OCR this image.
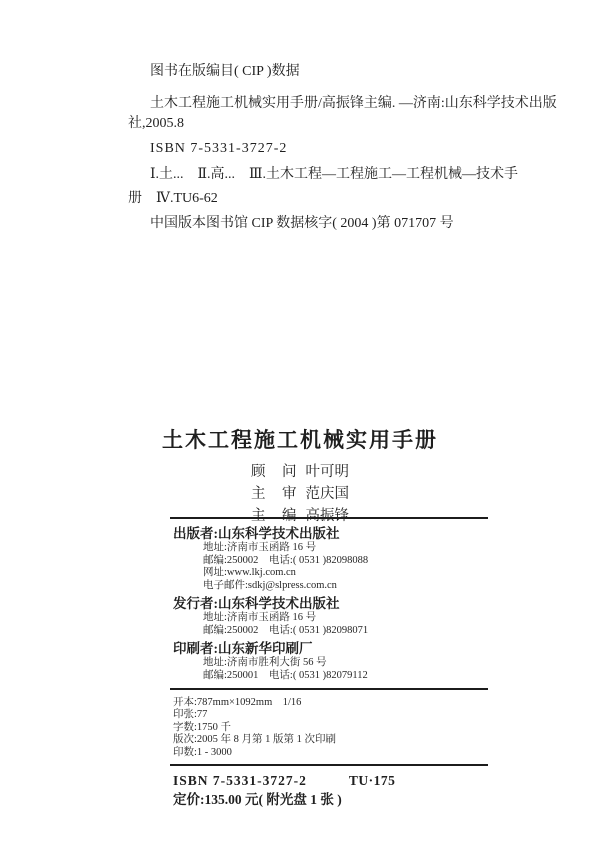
图书在版编目( CIP )数据
土木工程施工机械实用手册/高振锋主编. —济南:山东科学技术出版
社,2005.8
ISBN 7-5331-3727-2
Ⅰ.土...　Ⅱ.高...　Ⅲ.土木工程—工程施工—工程机械—技术手
册　Ⅳ.TU6-62
中国版本图书馆 CIP 数据核字( 2004 )第 071707 号
土木工程施工机械实用手册
顾　问 叶可明
主　审 范庆国
主　编 高振锋
出版者:山东科学技术出版社
地址:济南市玉函路 16 号
邮编:250002　电话:( 0531 )82098088
网址:www.lkj.com.cn
电子邮件:sdkj@slpress.com.cn
发行者:山东科学技术出版社
地址:济南市玉函路 16 号
邮编:250002　电话:( 0531 )82098071
印刷者:山东新华印刷厂
地址:济南市胜利大街 56 号
邮编:250001　电话:( 0531 )82079112
开本:787mm×1092mm　1/16
印张:77
字数:1750 千
版次:2005 年 8 月第 1 版第 1 次印刷
印数:1 - 3000
ISBN 7-5331-3727-2	TU·175
定价:135.00 元( 附光盘 1 张 )
